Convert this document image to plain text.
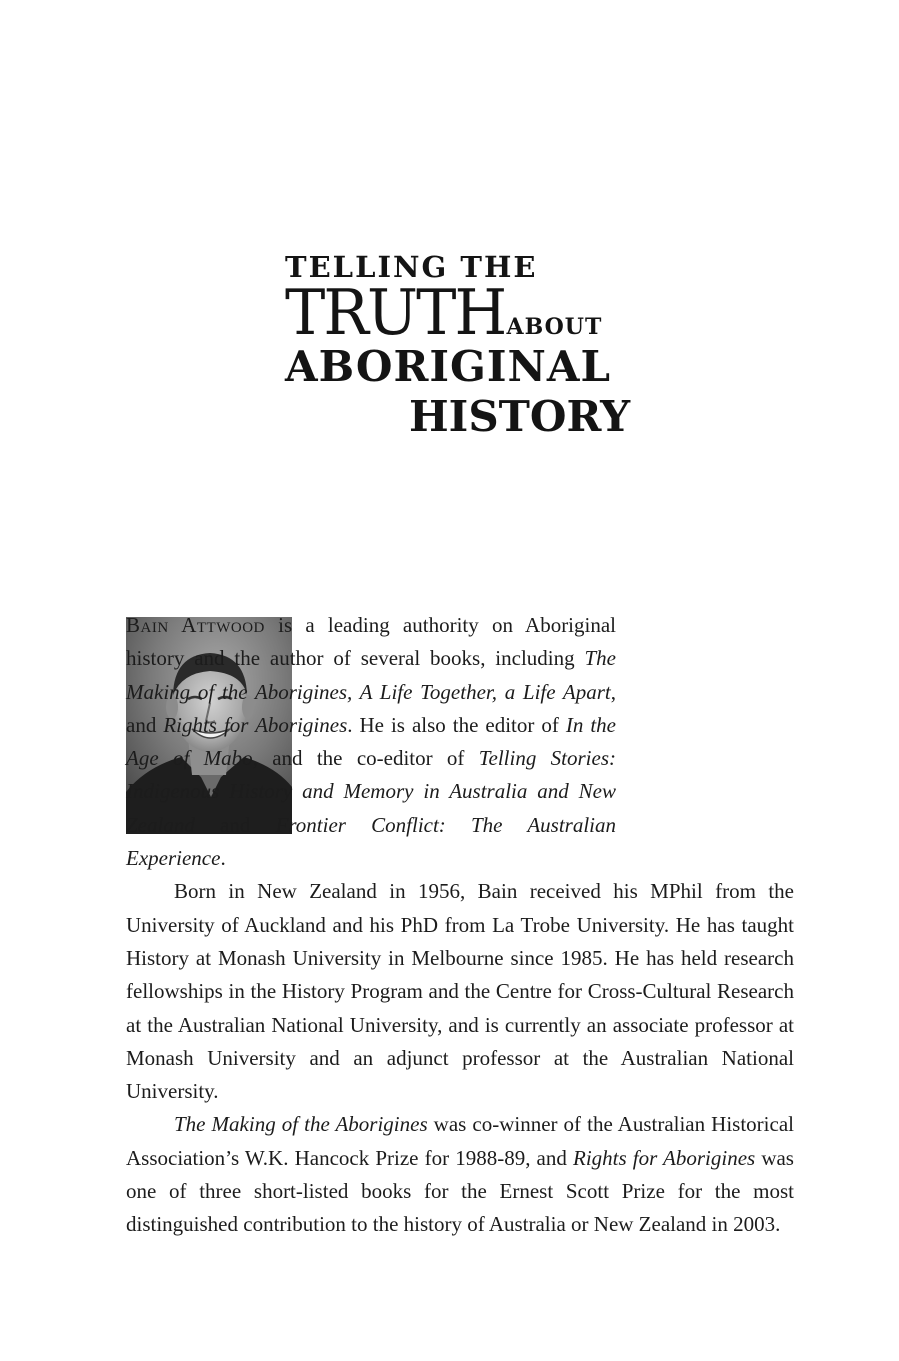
TELLING THE
TRUTHABOUT
ABORIGINAL
HISTORY

Bain Attwood is a leading authority on Aboriginal history and the author of several books, including The Making of the Aborigines, A Life Together, a Life Apart, and Rights for Aborigines. He is also the editor of In the Age of Mabo, and the co-editor of Telling Stories: Indigenous History and Memory in Australia and New Zealand and Frontier Conflict: The Australian Experience.

Born in New Zealand in 1956, Bain received his MPhil from the University of Auckland and his PhD from La Trobe University. He has taught History at Monash University in Melbourne since 1985. He has held research fellowships in the History Program and the Centre for Cross-Cultural Research at the Australian National University, and is currently an associate professor at Monash University and an adjunct professor at the Australian National University.

The Making of the Aborigines was co-winner of the Australian Historical Association’s W.K. Hancock Prize for 1988-89, and Rights for Aborigines was one of three short-listed books for the Ernest Scott Prize for the most distinguished contribution to the history of Australia or New Zealand in 2003.
